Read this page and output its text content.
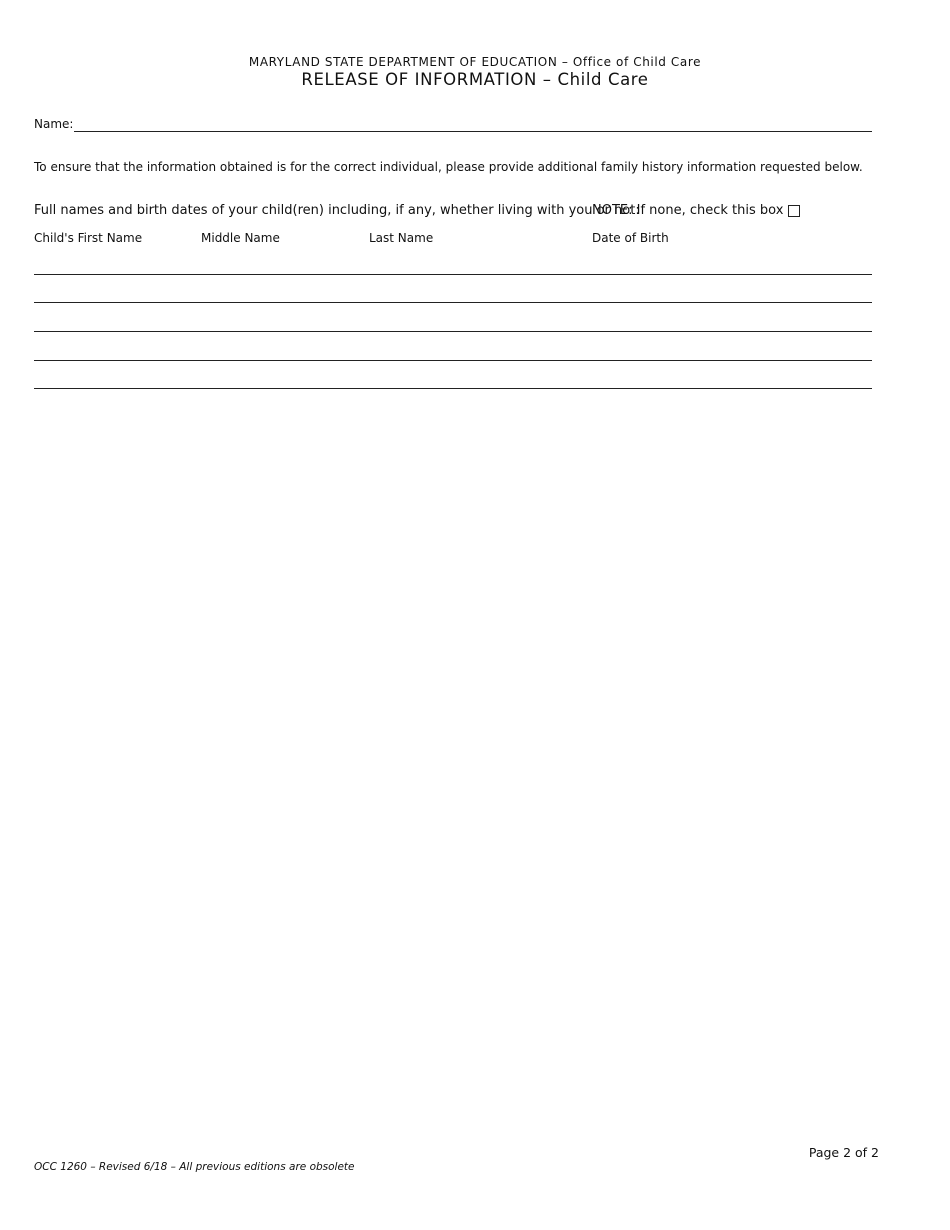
MARYLAND STATE DEPARTMENT OF EDUCATION – Office of Child Care
RELEASE OF INFORMATION – Child Care
Name:
To ensure that the information obtained is for the correct individual, please provide additional family history information requested below.
Full names and birth dates of your child(ren) including, if any, whether living with you or not:
NOTE: If none, check this box
Child's First Name	Middle Name	Last Name	Date of Birth
Page 2 of 2
OCC 1260 – Revised 6/18 – All previous editions are obsolete
